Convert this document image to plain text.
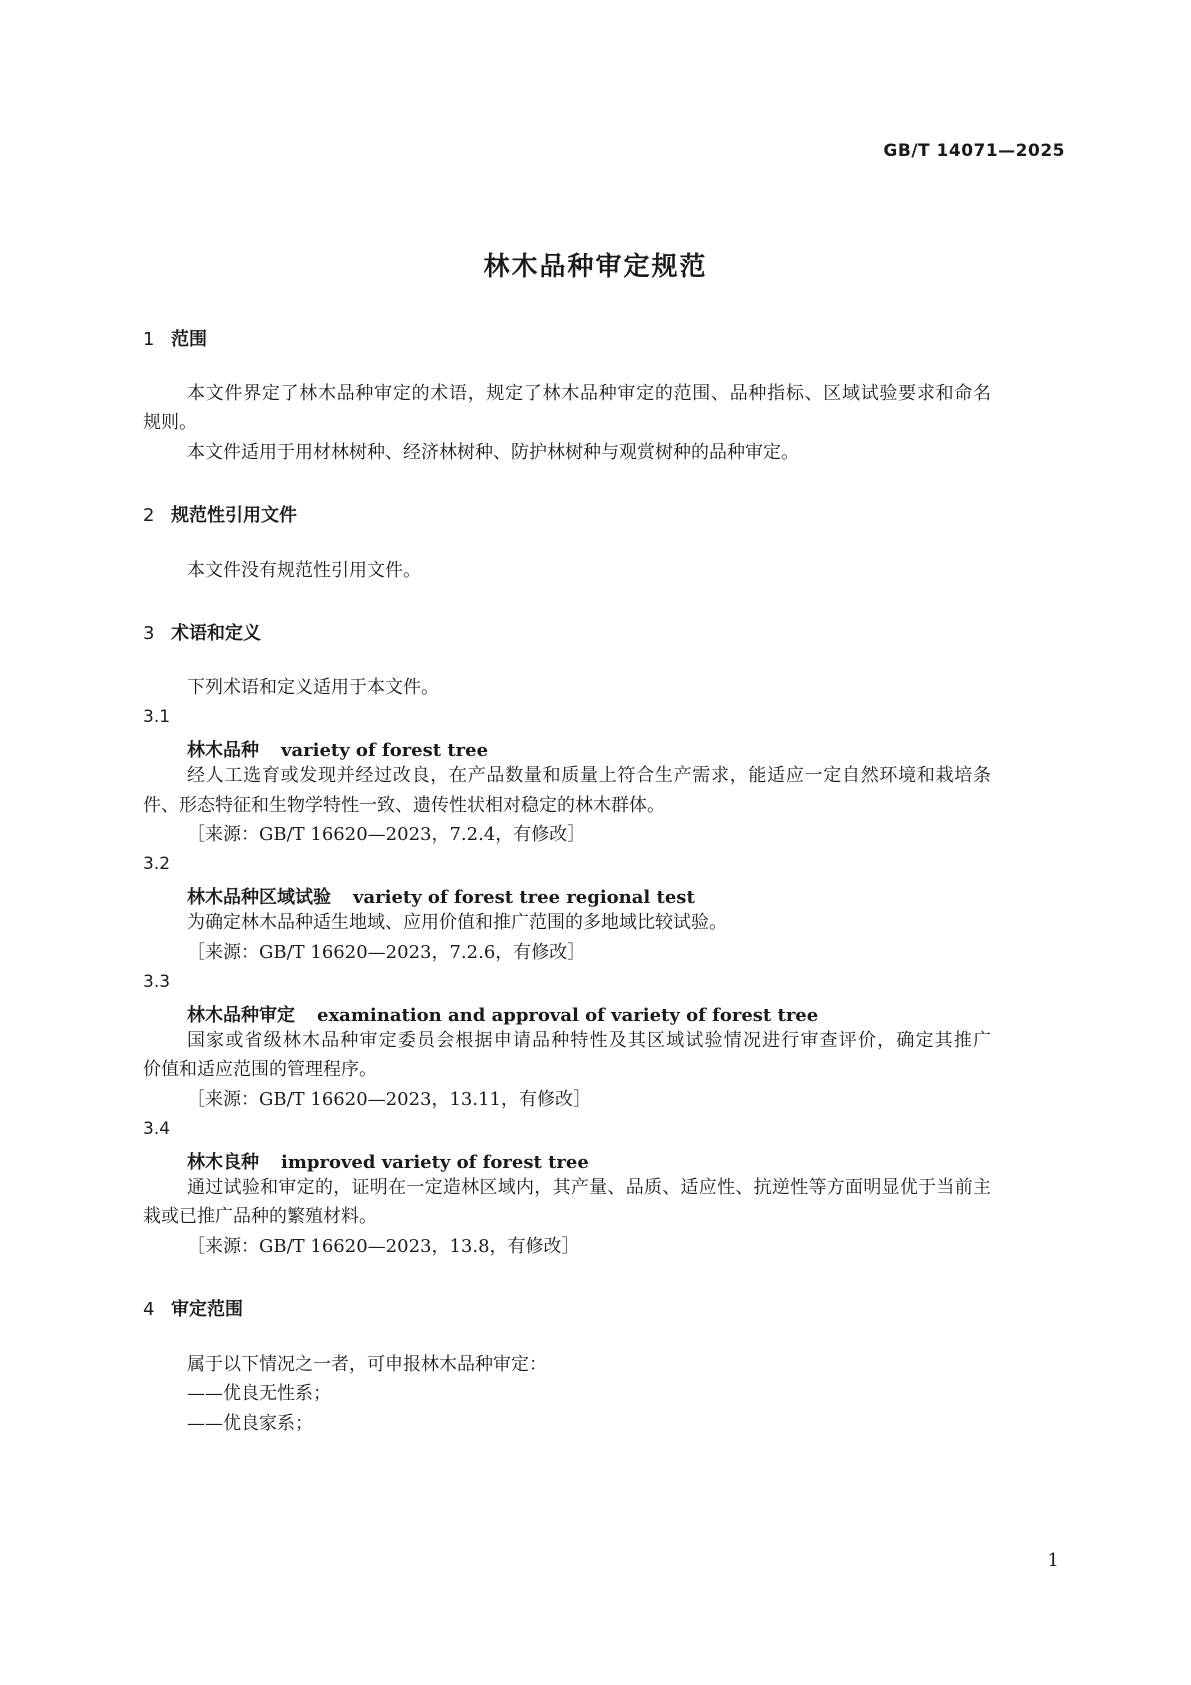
GB/T 14071—2025
林木品种审定规范
1 范围
本文件界定了林木品种审定的术语，规定了林木品种审定的范围、品种指标、区域试验要求和命名
规则。
本文件适用于用材林树种、经济林树种、防护林树种与观赏树种的品种审定。
2 规范性引用文件
本文件没有规范性引用文件。
3 术语和定义
下列术语和定义适用于本文件。
3.1
林木品种 variety of forest tree
经人工选育或发现并经过改良，在产品数量和质量上符合生产需求，能适应一定自然环境和栽培条
件、形态特征和生物学特性一致、遗传性状相对稳定的林木群体。
［来源：GB/T 16620—2023，7.2.4，有修改］
3.2
林木品种区域试验 variety of forest tree regional test
为确定林木品种适生地域、应用价值和推广范围的多地域比较试验。
［来源：GB/T 16620—2023，7.2.6，有修改］
3.3
林木品种审定 examination and approval of variety of forest tree
国家或省级林木品种审定委员会根据申请品种特性及其区域试验情况进行审查评价，确定其推广
价值和适应范围的管理程序。
［来源：GB/T 16620—2023，13.11，有修改］
3.4
林木良种 improved variety of forest tree
通过试验和审定的，证明在一定造林区域内，其产量、品质、适应性、抗逆性等方面明显优于当前主
栽或已推广品种的繁殖材料。
［来源：GB/T 16620—2023，13.8，有修改］
4 审定范围
属于以下情况之一者，可申报林木品种审定：
——优良无性系；
——优良家系；
1
